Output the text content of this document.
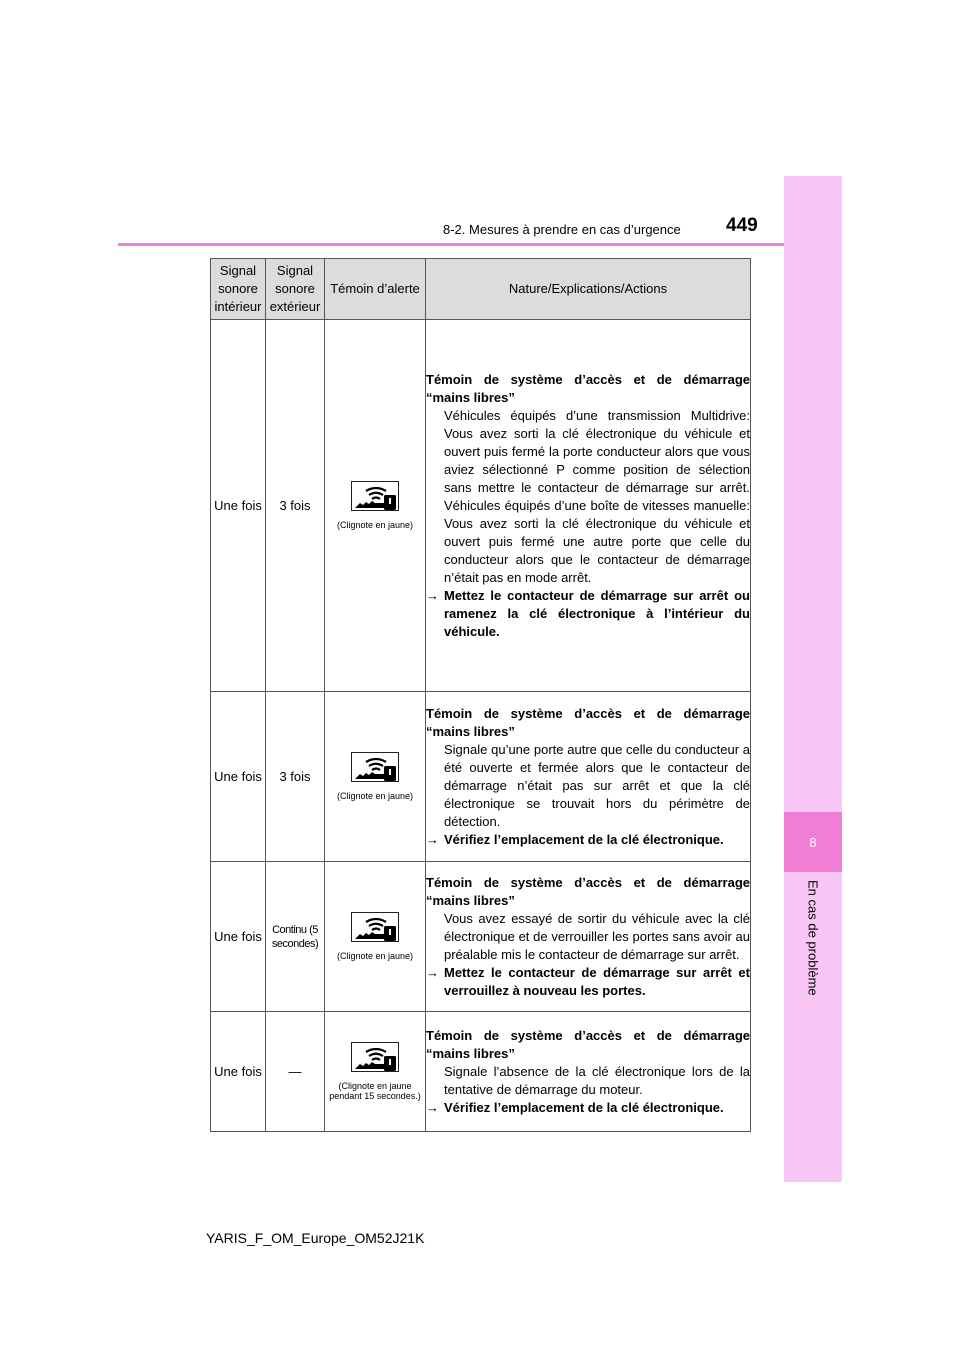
8
En cas de problème
8-2. Mesures à prendre en cas d’urgence 449
Signal sonore intérieur	Signal sonore extérieur	Témoin d’alerte	Nature/Explications/Actions
Une fois	3 fois	(Clignote en jaune)	Témoin de système d’accès et de démarrage
“mains libres”
Véhicules équipés d’une transmission Multidrive: Vous avez sorti la clé électronique du véhicule et ouvert puis fermé la porte conducteur alors que vous aviez sélectionné P comme position de sélection sans mettre le contacteur de démarrage sur arrêt. Véhicules équipés d’une boîte de vitesses manuelle: Vous avez sorti la clé électronique du véhicule et ouvert puis fermé une autre porte que celle du conducteur alors que le contacteur de démarrage n’était pas en mode arrêt.
→ Mettez le contacteur de démarrage sur arrêt ou ramenez la clé électronique à l’intérieur du véhicule.

Une fois	3 fois	(Clignote en jaune)	Témoin de système d’accès et de démarrage
“mains libres”
Signale qu’une porte autre que celle du conducteur a été ouverte et fermée alors que le contacteur de démarrage n’était pas sur arrêt et que la clé électronique se trouvait hors du périmètre de détection.
→ Vérifiez l’emplacement de la clé électronique.

Une fois	Continu (5 secondes)	(Clignote en jaune)	Témoin de système d’accès et de démarrage
“mains libres”
Vous avez essayé de sortir du véhicule avec la clé électronique et de verrouiller les portes sans avoir au préalable mis le contacteur de démarrage sur arrêt.
→ Mettez le contacteur de démarrage sur arrêt et verrouillez à nouveau les portes.

Une fois	—	(Clignote en jaune pendant 15 secondes.)	Témoin de système d’accès et de démarrage
“mains libres”
Signale l’absence de la clé électronique lors de la tentative de démarrage du moteur.
→ Vérifiez l’emplacement de la clé électronique.
YARIS_F_OM_Europe_OM52J21K
